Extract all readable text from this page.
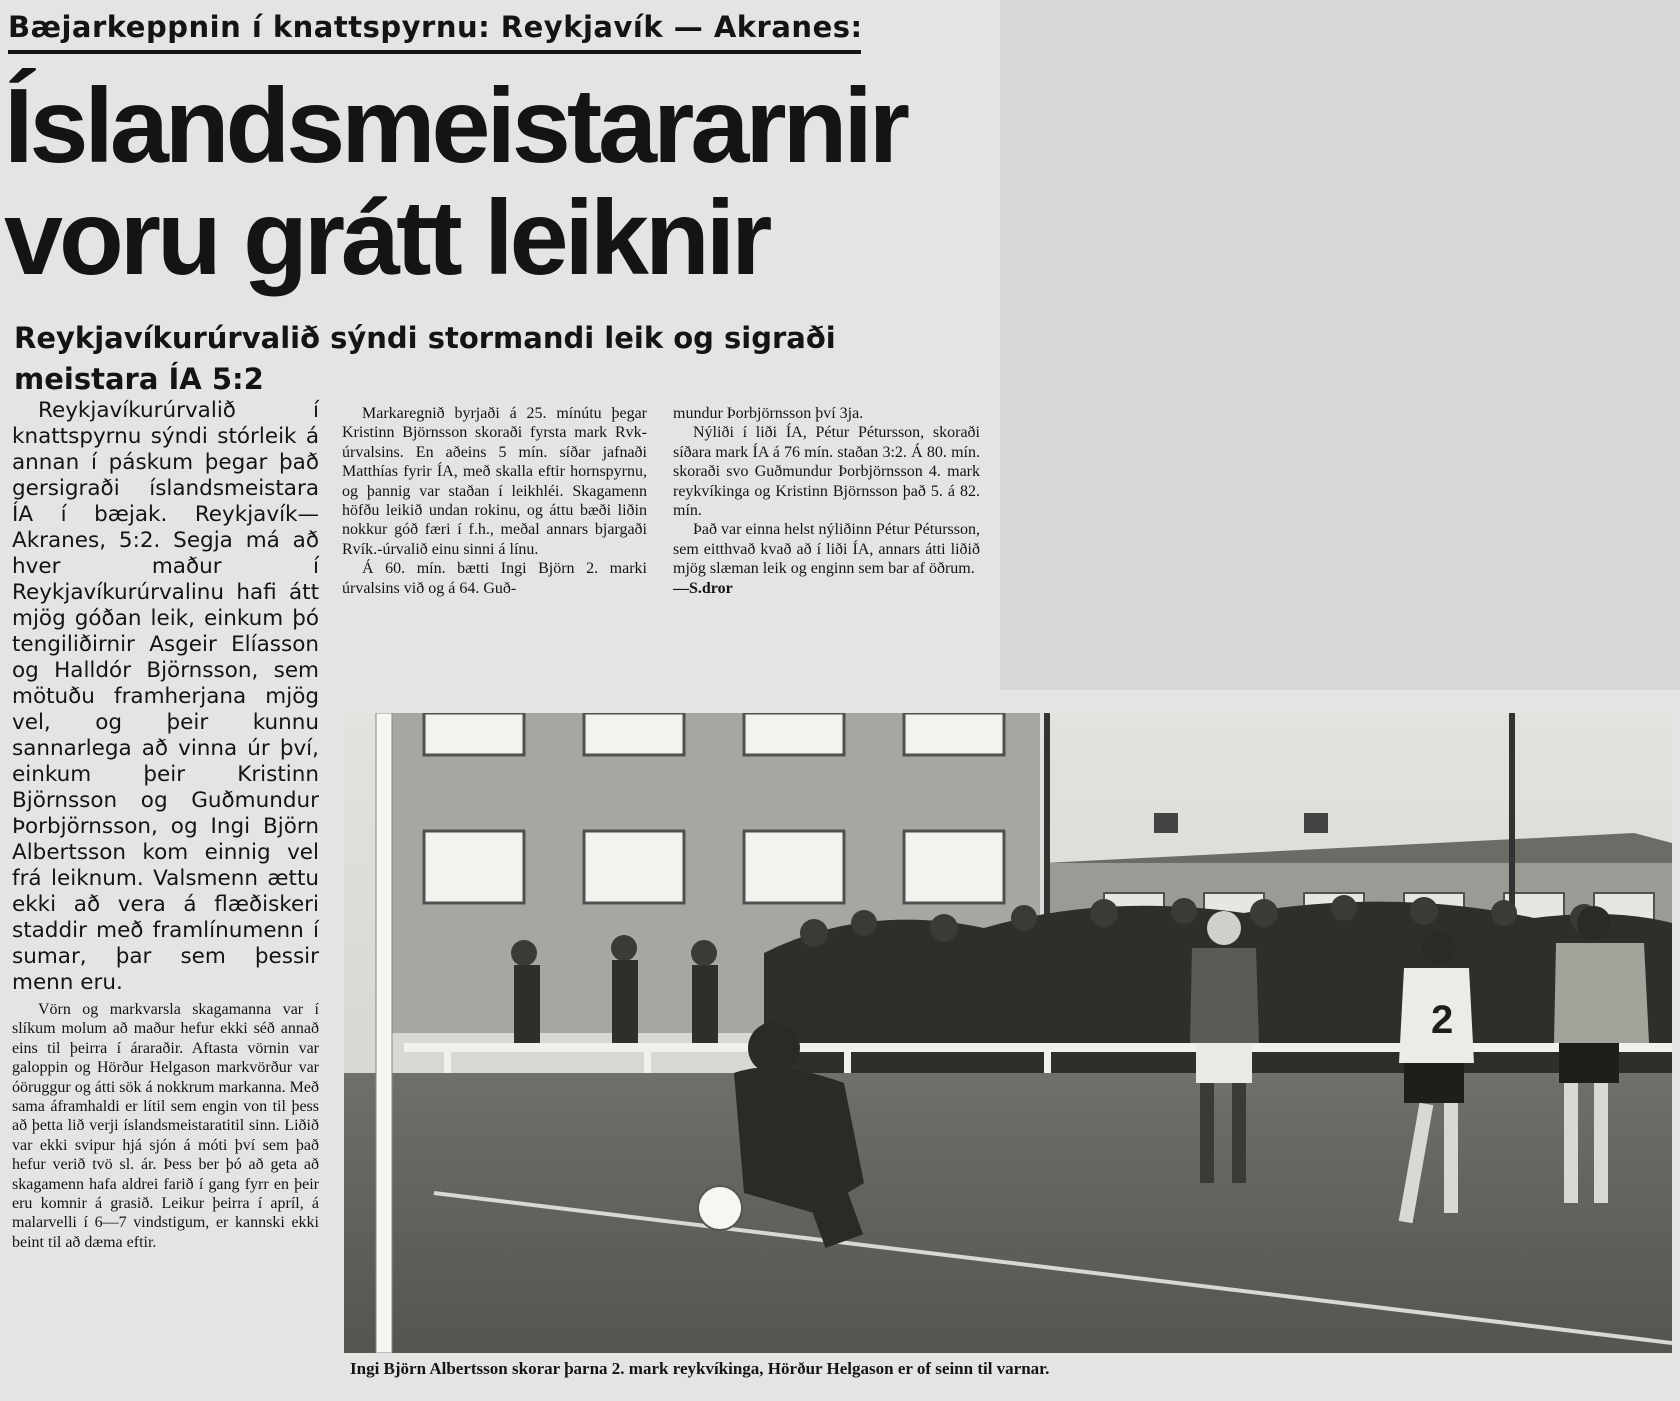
Bæjarkeppnin í knattspyrnu: Reykjavík — Akranes:
Íslandsmeistararnir
voru grátt leiknir
Reykjavíkurúrvalið sýndi stormandi leik og sigraði meistara ÍA 5:2

Reykjavíkurúrvalið í knattspyrnu sýndi stórleik á annan í páskum þegar það gersigraði íslandsmeistara ÍA í bæjak. Reykjavík—Akranes, 5:2. Segja má að hver maður í Reykjavíkurúrvalinu hafi átt mjög góðan leik, einkum þó tengiliðirnir Asgeir Elíasson og Halldór Björnsson, sem mötuðu framherjana mjög vel, og þeir kunnu sannarlega að vinna úr því, einkum þeir Kristinn Björnsson og Guðmundur Þorbjörnsson, og Ingi Björn Albertsson kom einnig vel frá leiknum. Valsmenn ættu ekki að vera á flæðiskeri staddir með framlínumenn í sumar, þar sem þessir menn eru.

Vörn og markvarsla skagamanna var í slíkum molum að maður hefur ekki séð annað eins til þeirra í áraraðir. Aftasta vörnin var galoppin og Hörður Helgason markvörður var óöruggur og átti sök á nokkrum markanna. Með sama áframhaldi er lítil sem engin von til þess að þetta lið verji íslandsmeistaratitil sinn. Liðið var ekki svipur hjá sjón á móti því sem það hefur verið tvö sl. ár. Þess ber þó að geta að skagamenn hafa aldrei farið í gang fyrr en þeir eru komnir á grasið. Leikur þeirra í apríl, á malarvelli í 6—7 vindstigum, er kannski ekki beint til að dæma eftir.

Markaregnið byrjaði á 25. mínútu þegar Kristinn Björnsson skoraði fyrsta mark Rvk-úrvalsins. En aðeins 5 mín. síðar jafnaði Matthías fyrir ÍA, með skalla eftir hornspyrnu, og þannig var staðan í leikhléi. Skagamenn höfðu leikið undan rokinu, og áttu bæði liðin nokkur góð færi í f.h., meðal annars bjargaði Rvík.-úrvalið einu sinni á línu.

Á 60. mín. bætti Ingi Björn 2. marki úrvalsins við og á 64. Guð-

mundur Þorbjörnsson því 3ja.

Nýliði í liði ÍA, Pétur Pétursson, skoraði síðara mark ÍA á 76 mín. staðan 3:2. Á 80. mín. skoraði svo Guðmundur Þorbjörnsson 4. mark reykvíkinga og Kristinn Björnsson það 5. á 82. mín.

Það var einna helst nýliðinn Pétur Pétursson, sem eitthvað kvað að í liði ÍA, annars átti liðið mjög slæman leik og enginn sem bar af öðrum.

—S.dror

2

Ingi Björn Albertsson skorar þarna 2. mark reykvíkinga, Hörður Helgason er of seinn til varnar.
